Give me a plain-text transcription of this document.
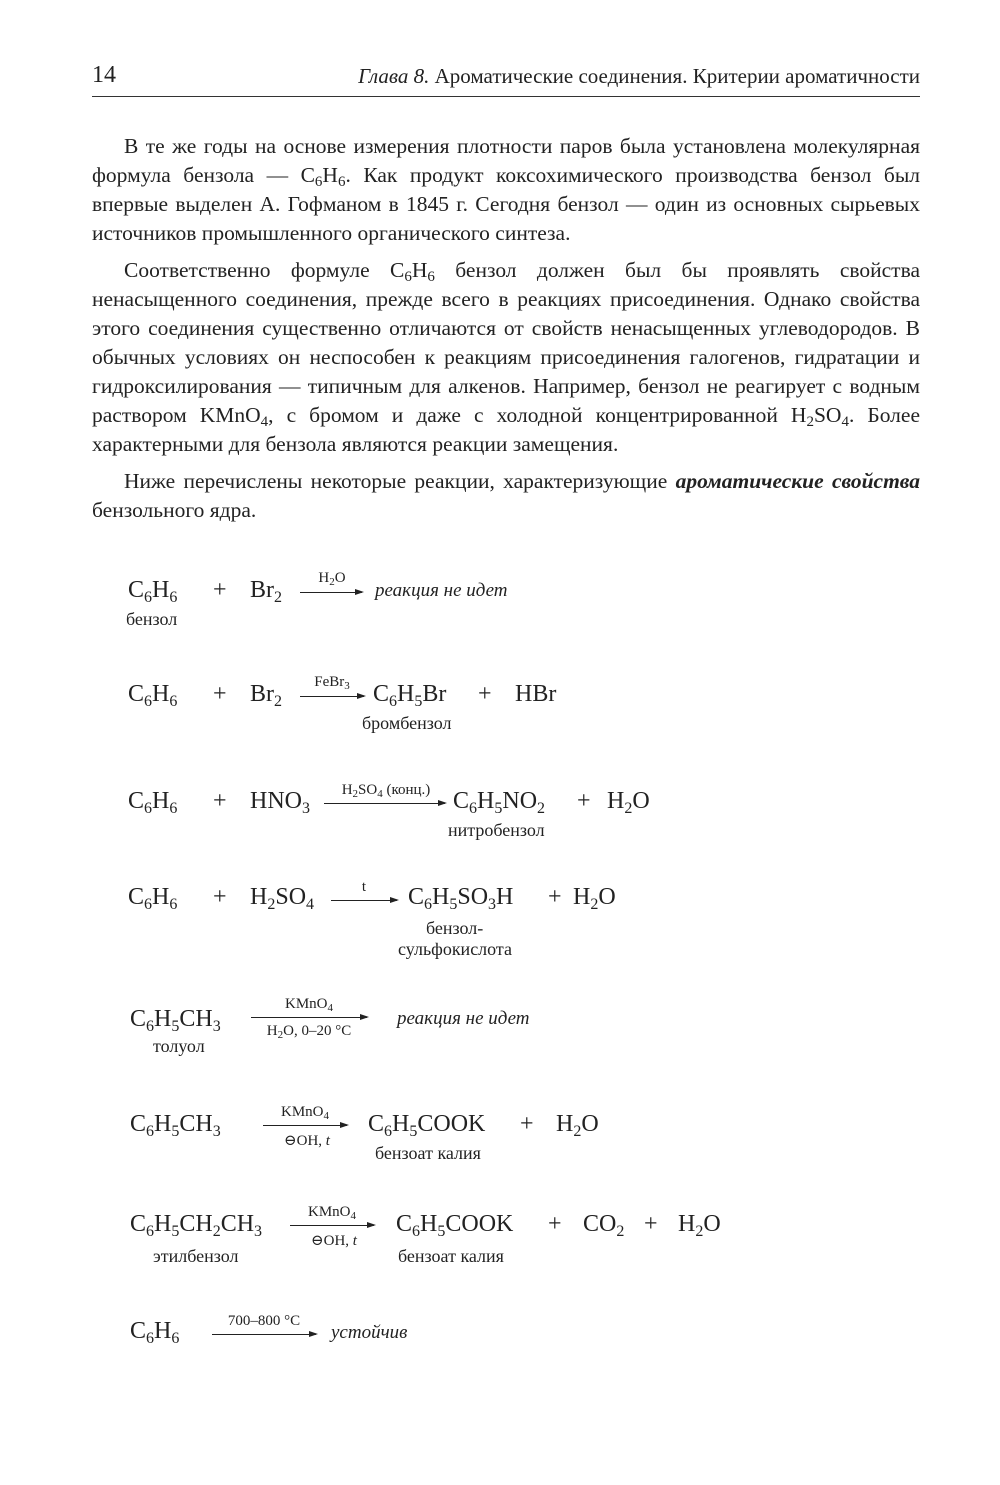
14	Глава 8. Ароматические соединения. Критерии ароматичности

В те же годы на основе измерения плотности паров была установлена молекулярная формула бензола — $C_6H_6$. Как продукт коксохимического производства бензол был впервые выделен А. Гофманом в 1845 г. Сегодня бензол — один из основных сырьевых источников промышленного органического синтеза.

Соответственно формуле $C_6H_6$ бензол должен был бы проявлять свойства ненасыщенного соединения, прежде всего в реакциях присоединения. Однако свойства этого соединения существенно отличаются от свойств ненасыщенных углеводородов. В обычных условиях он неспособен к реакциям присоединения галогенов, гидратации и гидроксилирования — типичным для алкенов. Например, бензол не реагирует с водным раствором KMnO$_4$, с бромом и даже с холодной концентрированной $H_2SO_4$. Более характерными для бензола являются реакции замещения.

Ниже перечислены некоторые реакции, характеризующие ароматические свойства бензольного ядра.

$C_6H_6 + Br_2$
$H_2O$
реакция не идет
бензол
$C_6H_6 + Br_2$
FeBr$_3$ $C_6H_5Br$ + HBr
бромбензол
$C_6H_6 + HNO_3$
$H_2SO_4$ (конц.) $C_6H_5NO_2 + H_2O$
нитробензол
$C_6H_6 + H_2SO_4$
t	$C_6H_5SO_3H + H_2O$
бензол-
сульфокислота
$C_6H_5CH_3$
KMnO$_4$
$H_2O$, 0–20 °C
реакция не идет
толуол
$C_6H_5CH_3$
KMnO$_4$
⊖OH, t
$C_6H_5COOK + H_2O$
бензоат калия
$C_6H_5CH_2CH_3$
KMnO$_4$
⊖OH, t
$C_6H_5COOK + CO_2 + H_2O$
этилбензол	бензоат калия
$C_6H_6$
700–800 °C
устойчив
